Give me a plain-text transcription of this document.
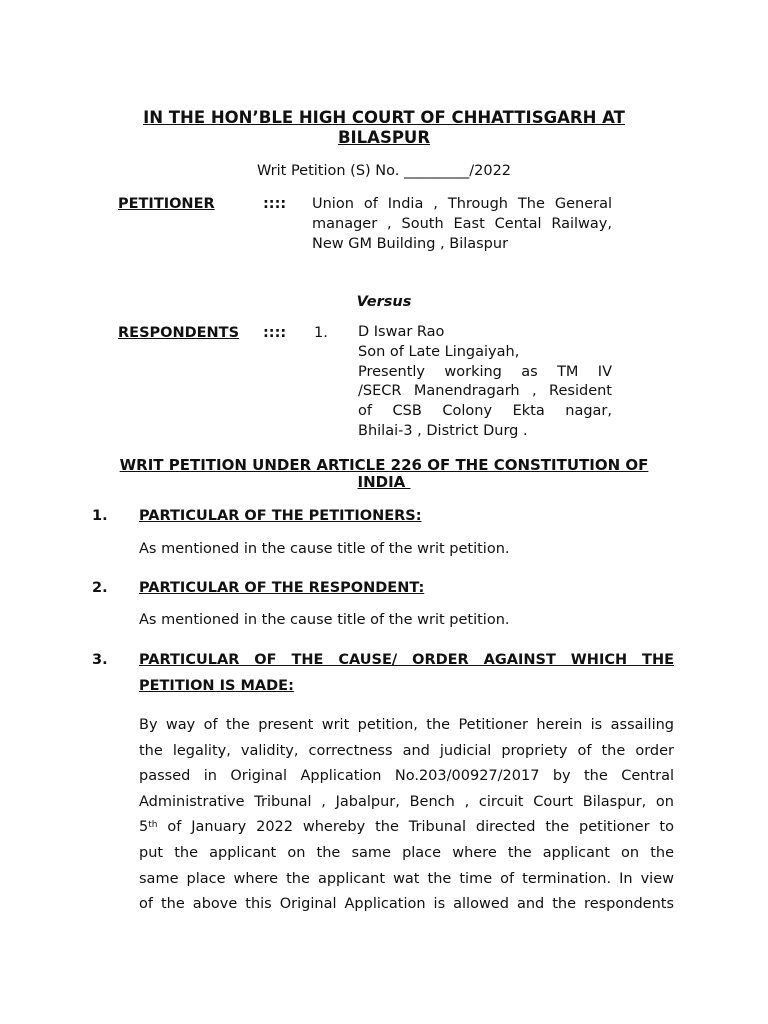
IN THE HON’BLE HIGH COURT OF CHHATTISGARH AT
BILASPUR
Writ Petition (S) No. _________/2022
PETITIONER	:::: Union of India , Through The General
manager , South East Cental Railway,
New GM Building , Bilaspur
Versus
RESPONDENTS :::: 1. D Iswar Rao
Son of Late Lingaiyah,
Presently working as TM IV
/SECR Manendragarh , Resident
of CSB Colony Ekta nagar,
Bhilai-3 , District Durg .
WRIT PETITION UNDER ARTICLE 226 OF THE CONSTITUTION OF
INDIA
1. PARTICULAR OF THE PETITIONERS:
As mentioned in the cause title of the writ petition.
2. PARTICULAR OF THE RESPONDENT:
As mentioned in the cause title of the writ petition.
3. PARTICULAR OF THE CAUSE/ ORDER AGAINST WHICH THE
PETITION IS MADE:
By way of the present writ petition, the Petitioner herein is assailing
the legality, validity, correctness and judicial propriety of the order
passed in Original Application No.203/00927/2017 by the Central
Administrative Tribunal , Jabalpur, Bench , circuit Court Bilaspur, on
5th of January 2022 whereby the Tribunal directed the petitioner to
put the applicant on the same place where the applicant on the
same place where the applicant wat the time of termination. In view
of the above this Original Application is allowed and the respondents
